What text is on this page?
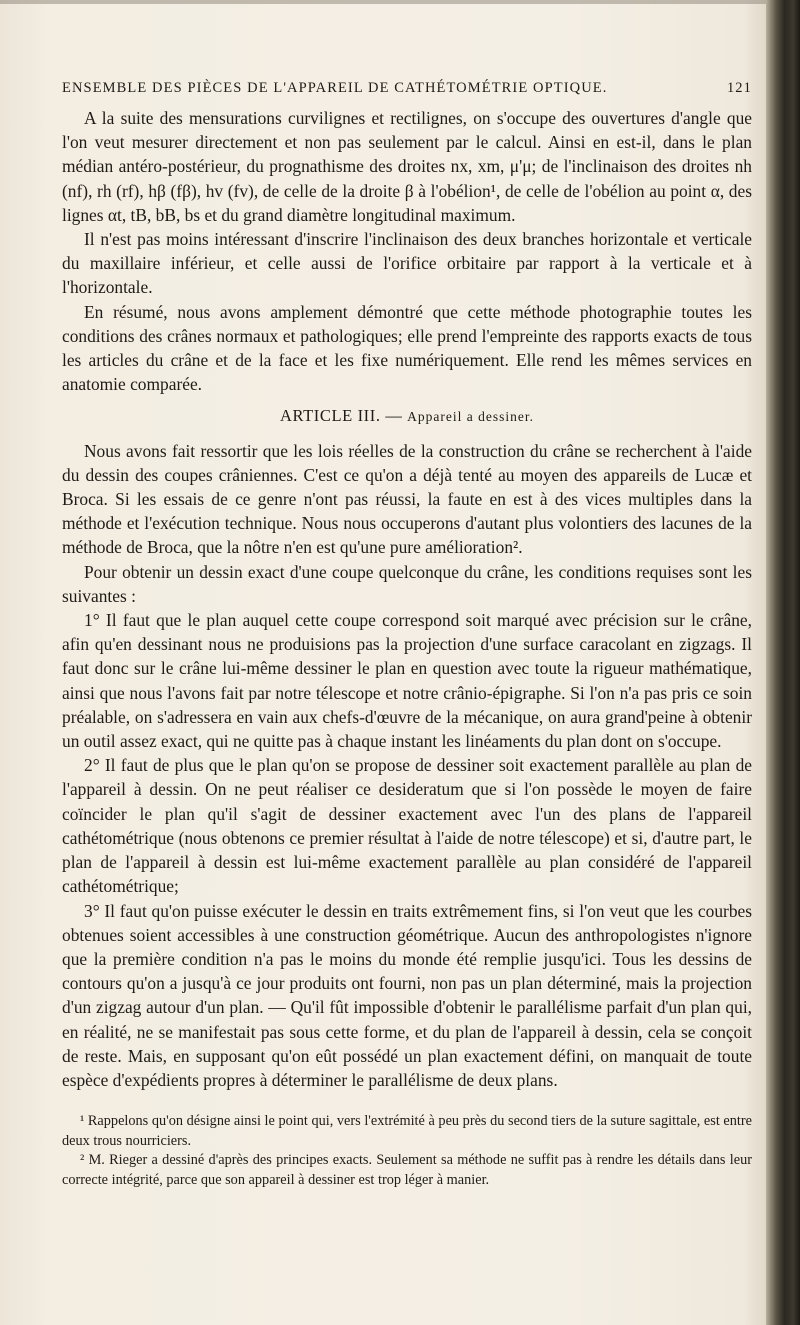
ENSEMBLE DES PIÈCES DE L'APPAREIL DE CATHÉTOMÉTRIE OPTIQUE.	121

A la suite des mensurations curvilignes et rectilignes, on s'occupe des ouvertures d'angle que l'on veut mesurer directement et non pas seulement par le calcul. Ainsi en est-il, dans le plan médian antéro-postérieur, du prognathisme des droites nx, xm, μ'μ; de l'inclinaison des droites nh (nf), rh (rf), hβ (fβ), hv (fv), de celle de la droite β à l'obélion¹, de celle de l'obélion au point α, des lignes αt, tB, bB, bs et du grand diamètre longitudinal maximum.

Il n'est pas moins intéressant d'inscrire l'inclinaison des deux branches horizontale et verticale du maxillaire inférieur, et celle aussi de l'orifice orbitaire par rapport à la verticale et à l'horizontale.

En résumé, nous avons amplement démontré que cette méthode photographie toutes les conditions des crânes normaux et pathologiques; elle prend l'empreinte des rapports exacts de tous les articles du crâne et de la face et les fixe numériquement. Elle rend les mêmes services en anatomie comparée.

ARTICLE III. — Appareil a dessiner.

Nous avons fait ressortir que les lois réelles de la construction du crâne se recherchent à l'aide du dessin des coupes crâniennes. C'est ce qu'on a déjà tenté au moyen des appareils de Lucæ et Broca. Si les essais de ce genre n'ont pas réussi, la faute en est à des vices multiples dans la méthode et l'exécution technique. Nous nous occuperons d'autant plus volontiers des lacunes de la méthode de Broca, que la nôtre n'en est qu'une pure amélioration².

Pour obtenir un dessin exact d'une coupe quelconque du crâne, les conditions requises sont les suivantes :

1° Il faut que le plan auquel cette coupe correspond soit marqué avec précision sur le crâne, afin qu'en dessinant nous ne produisions pas la projection d'une surface caracolant en zigzags. Il faut donc sur le crâne lui-même dessiner le plan en question avec toute la rigueur mathématique, ainsi que nous l'avons fait par notre télescope et notre crânio-épigraphe. Si l'on n'a pas pris ce soin préalable, on s'adressera en vain aux chefs-d'œuvre de la mécanique, on aura grand'peine à obtenir un outil assez exact, qui ne quitte pas à chaque instant les linéaments du plan dont on s'occupe.

2° Il faut de plus que le plan qu'on se propose de dessiner soit exactement parallèle au plan de l'appareil à dessin. On ne peut réaliser ce desideratum que si l'on possède le moyen de faire coïncider le plan qu'il s'agit de dessiner exactement avec l'un des plans de l'appareil cathétométrique (nous obtenons ce premier résultat à l'aide de notre télescope) et si, d'autre part, le plan de l'appareil à dessin est lui-même exactement parallèle au plan considéré de l'appareil cathétométrique;

3° Il faut qu'on puisse exécuter le dessin en traits extrêmement fins, si l'on veut que les courbes obtenues soient accessibles à une construction géométrique. Aucun des anthropologistes n'ignore que la première condition n'a pas le moins du monde été remplie jusqu'ici. Tous les dessins de contours qu'on a jusqu'à ce jour produits ont fourni, non pas un plan déterminé, mais la projection d'un zigzag autour d'un plan. — Qu'il fût impossible d'obtenir le parallélisme parfait d'un plan qui, en réalité, ne se manifestait pas sous cette forme, et du plan de l'appareil à dessin, cela se conçoit de reste. Mais, en supposant qu'on eût possédé un plan exactement défini, on manquait de toute espèce d'expédients propres à déterminer le parallélisme de deux plans.

¹ Rappelons qu'on désigne ainsi le point qui, vers l'extrémité à peu près du second tiers de la suture sagittale, est entre deux trous nourriciers.

² M. Rieger a dessiné d'après des principes exacts. Seulement sa méthode ne suffit pas à rendre les détails dans leur correcte intégrité, parce que son appareil à dessiner est trop léger à manier.
